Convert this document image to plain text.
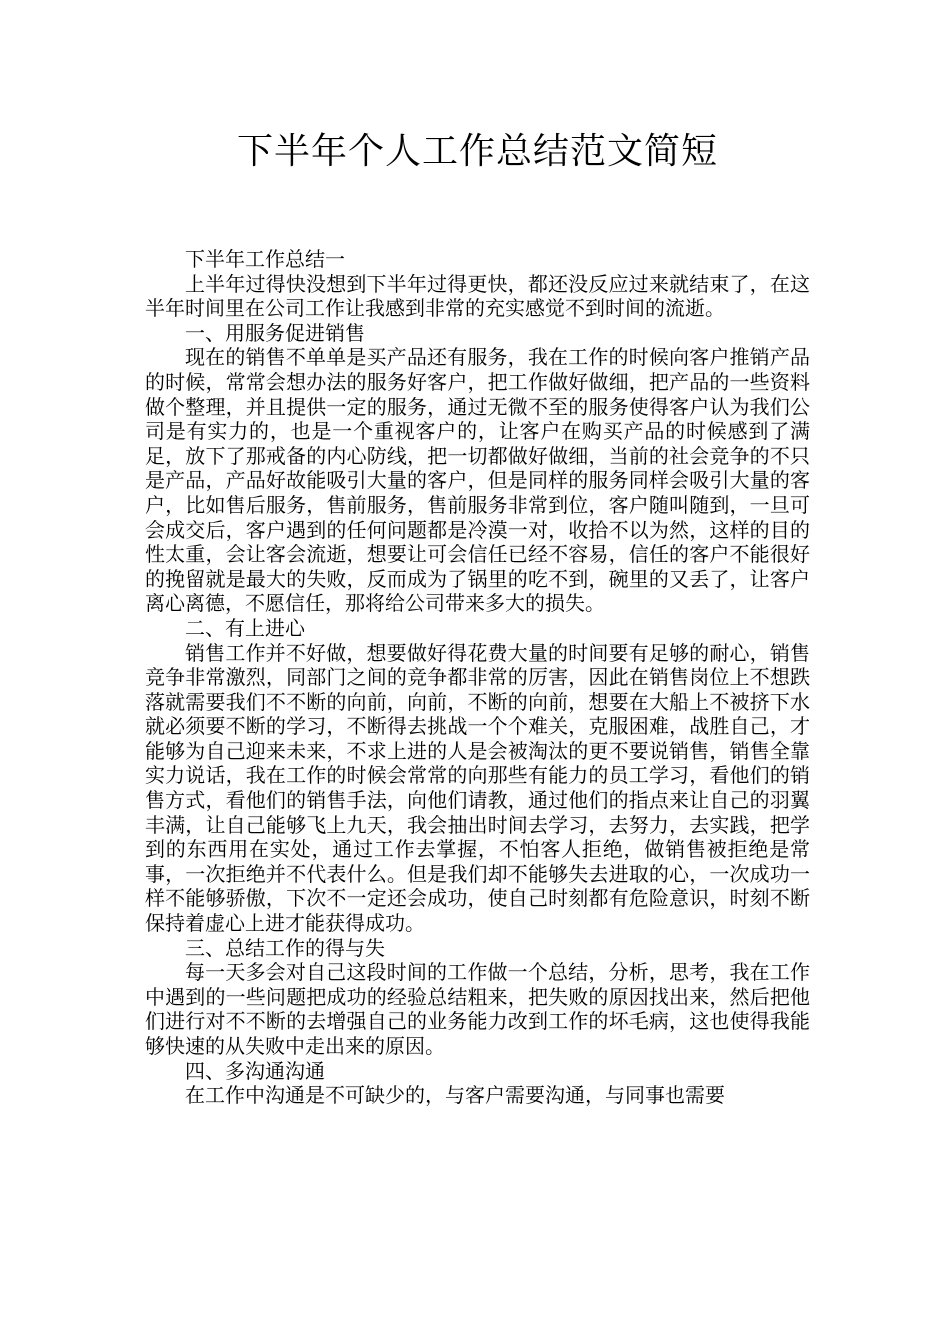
下半年个人工作总结范文简短

下半年工作总结一

上半年过得快没想到下半年过得更快，都还没反应过来就结束了，在这半年时间里在公司工作让我感到非常的充实感觉不到时间的流逝。

一、用服务促进销售

现在的销售不单单是买产品还有服务，我在工作的时候向客户推销产品的时候，常常会想办法的服务好客户，把工作做好做细，把产品的一些资料做个整理，并且提供一定的服务，通过无微不至的服务使得客户认为我们公司是有实力的，也是一个重视客户的，让客户在购买产品的时候感到了满足，放下了那戒备的内心防线，把一切都做好做细，当前的社会竞争的不只是产品，产品好故能吸引大量的客户，但是同样的服务同样会吸引大量的客户，比如售后服务，售前服务，售前服务非常到位，客户随叫随到，一旦可会成交后，客户遇到的任何问题都是冷漠一对，收拾不以为然，这样的目的性太重，会让客会流逝，想要让可会信任已经不容易，信任的客户不能很好的挽留就是最大的失败，反而成为了锅里的吃不到，碗里的又丢了，让客户离心离德，不愿信任，那将给公司带来多大的损失。

二、有上进心

销售工作并不好做，想要做好得花费大量的时间要有足够的耐心，销售竞争非常激烈，同部门之间的竞争都非常的厉害，因此在销售岗位上不想跌落就需要我们不不断的向前，向前，不断的向前，想要在大船上不被挤下水就必须要不断的学习，不断得去挑战一个个难关，克服困难，战胜自己，才能够为自己迎来未来，不求上进的人是会被淘汰的更不要说销售，销售全靠实力说话，我在工作的时候会常常的向那些有能力的员工学习，看他们的销售方式，看他们的销售手法，向他们请教，通过他们的指点来让自己的羽翼丰满，让自己能够飞上九天，我会抽出时间去学习，去努力，去实践，把学到的东西用在实处，通过工作去掌握，不怕客人拒绝，做销售被拒绝是常事，一次拒绝并不代表什么。但是我们却不能够失去进取的心，一次成功一样不能够骄傲，下次不一定还会成功，使自己时刻都有危险意识，时刻不断保持着虚心上进才能获得成功。

三、总结工作的得与失

每一天多会对自己这段时间的工作做一个总结，分析，思考，我在工作中遇到的一些问题把成功的经验总结粗来，把失败的原因找出来，然后把他们进行对不不断的去增强自己的业务能力改到工作的坏毛病，这也使得我能够快速的从失败中走出来的原因。

四、多沟通沟通

在工作中沟通是不可缺少的，与客户需要沟通，与同事也需要
